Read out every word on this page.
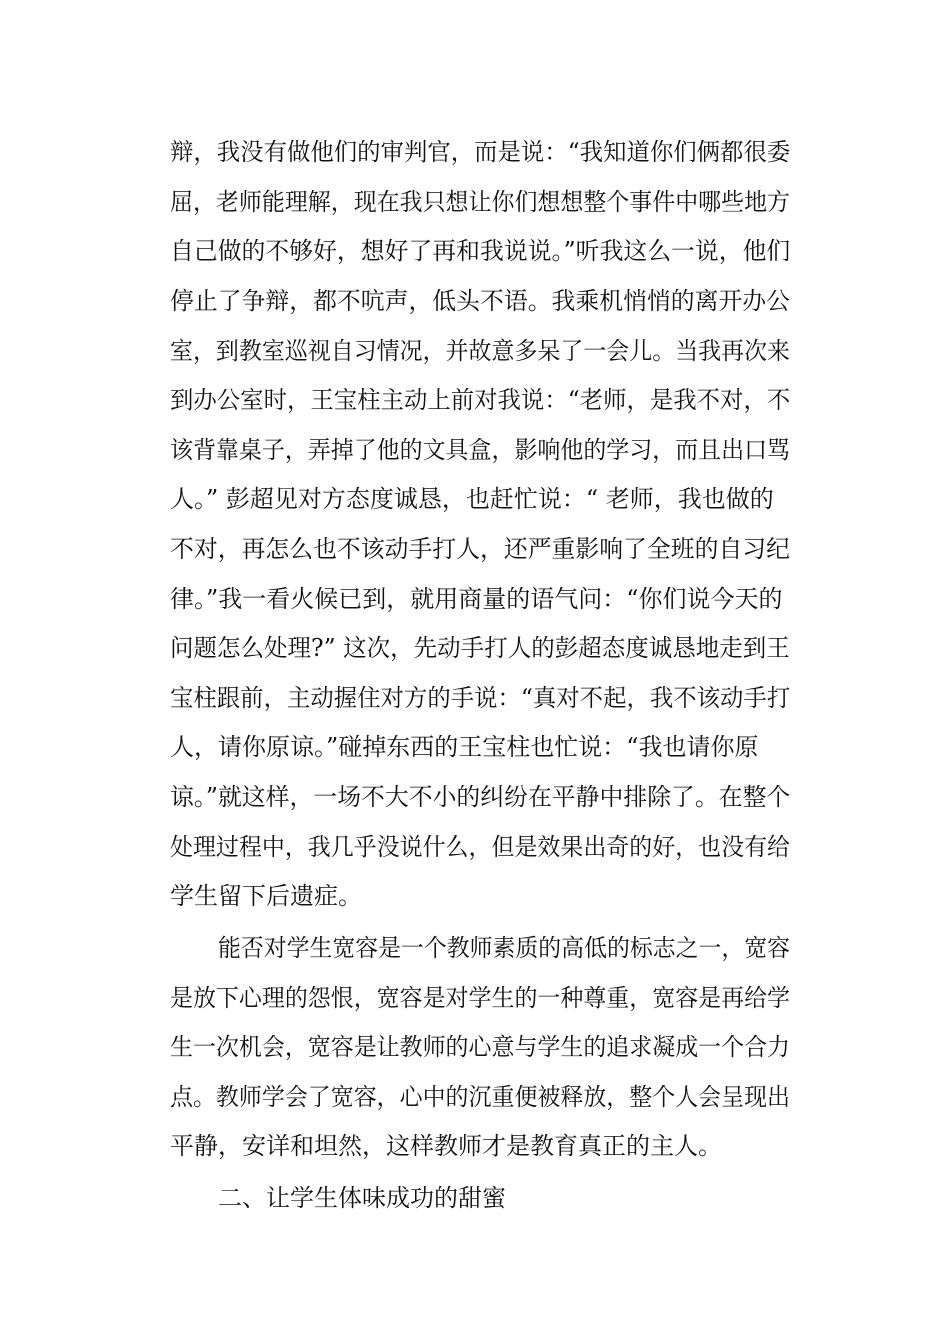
辩，我没有做他们的审判官，而是说：“我知道你们俩都很委
屈，老师能理解，现在我只想让你们想想整个事件中哪些地方
自己做的不够好，想好了再和我说说。”听我这么一说，他们
停止了争辩，都不吭声，低头不语。我乘机悄悄的离开办公
室，到教室巡视自习情况，并故意多呆了一会儿。当我再次来
到办公室时，王宝柱主动上前对我说：“老师，是我不对，不
该背靠桌子，弄掉了他的文具盒，影响他的学习，而且出口骂
人。” 彭超见对方态度诚恳，也赶忙说：“ 老师，我也做的
不对，再怎么也不该动手打人，还严重影响了全班的自习纪
律。”我一看火候已到，就用商量的语气问：“你们说今天的
问题怎么处理?” 这次，先动手打人的彭超态度诚恳地走到王
宝柱跟前，主动握住对方的手说：“真对不起，我不该动手打
人，请你原谅。”碰掉东西的王宝柱也忙说：“我也请你原
谅。”就这样，一场不大不小的纠纷在平静中排除了。在整个
处理过程中，我几乎没说什么，但是效果出奇的好，也没有给
学生留下后遗症。
能否对学生宽容是一个教师素质的高低的标志之一，宽容
是放下心理的怨恨，宽容是对学生的一种尊重，宽容是再给学
生一次机会，宽容是让教师的心意与学生的追求凝成一个合力
点。教师学会了宽容，心中的沉重便被释放，整个人会呈现出
平静，安详和坦然，这样教师才是教育真正的主人。
二、让学生体味成功的甜蜜
